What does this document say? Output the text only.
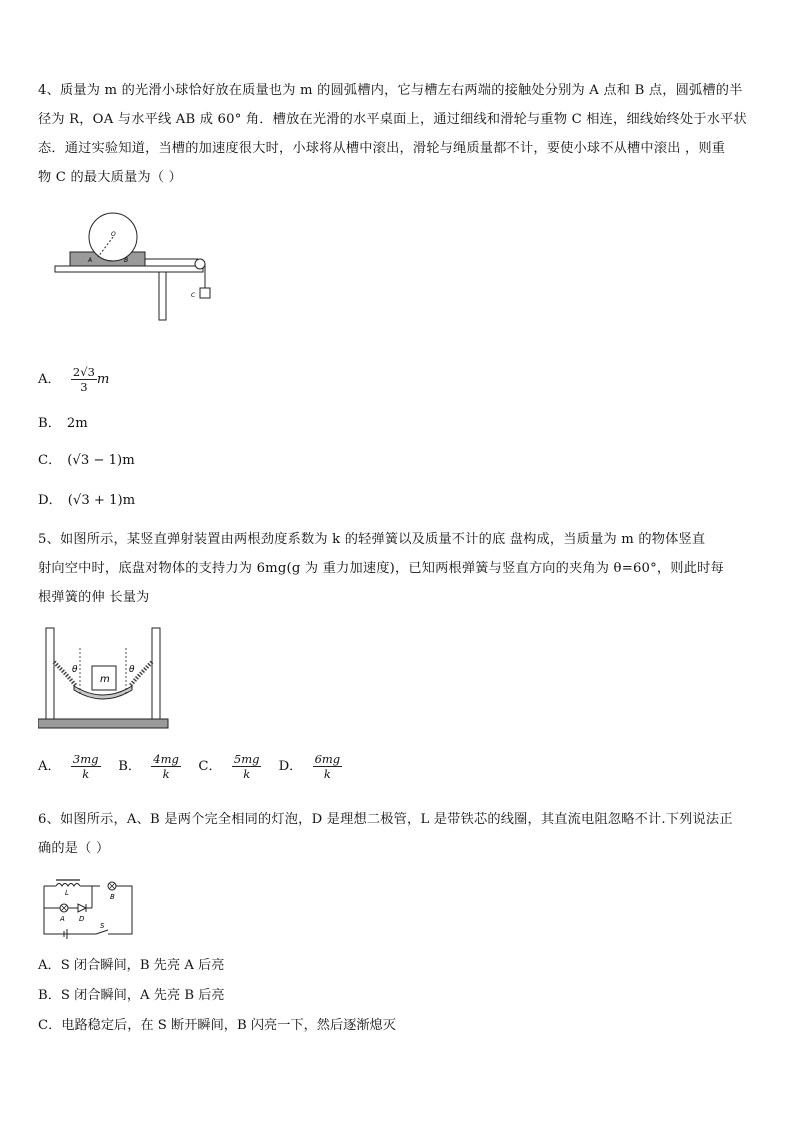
4、质量为 m 的光滑小球恰好放在质量也为 m 的圆弧槽内，它与槽左右两端的接触处分别为 A 点和 B 点，圆弧槽的半
径为 R，OA 与水平线 AB 成 60° 角．槽放在光滑的水平桌面上，通过细线和滑轮与重物 C 相连，细线始终处于水平状
态．通过实验知道，当槽的加速度很大时，小球将从槽中滚出，滑轮与绳质量都不计，要使小球不从槽中滚出 ，则重
物 C 的最大质量为（ ）
O
A	B
C
A． $\frac{2√3}{3}$ m
B． 2m
C． (√3 − 1)m
D． (√3 + 1)m
5、如图所示，某竖直弹射装置由两根劲度系数为 k 的轻弹簧以及质量不计的底 盘构成，当质量为 m 的物体竖直
射向空中时，底盘对物体的支持力为 6mg(g 为 重力加速度)，已知两根弹簧与竖直方向的夹角为 θ=60°，则此时每
根弹簧的伸 长量为
θ	θ
m
A． $\frac{3mg}{k}$ B． $\frac{4mg}{k}$ C． $\frac{5mg}{k}$ D． $\frac{6mg}{k}$
6、如图所示，A、B 是两个完全相同的灯泡，D 是理想二极管，L 是带铁芯的线圈，其直流电阻忽略不计.下列说法正
确的是（ ）
L	B
A D
S
A．S 闭合瞬间，B 先亮 A 后亮
B．S 闭合瞬间，A 先亮 B 后亮
C．电路稳定后，在 S 断开瞬间，B 闪亮一下，然后逐渐熄灭
